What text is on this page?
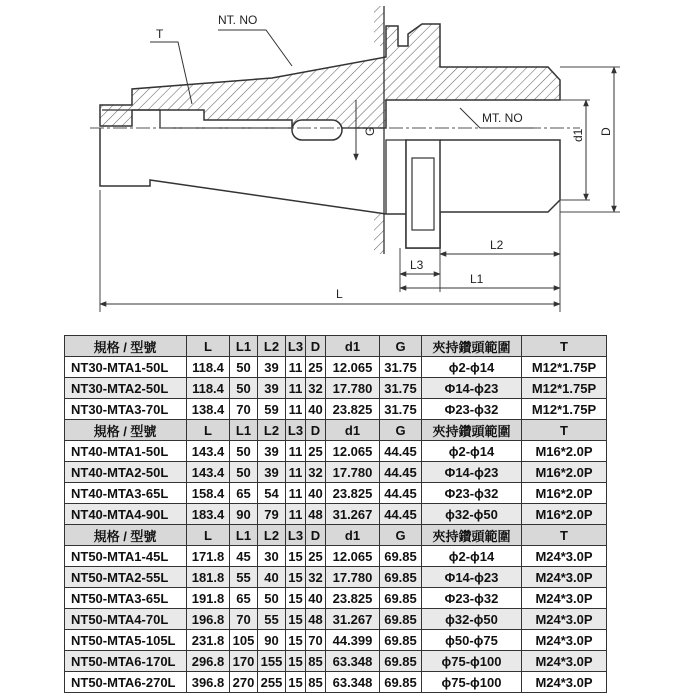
NT. NO
MT. NO
T
G	d1 D
L
L1
L2
L3
規格 / 型號	L	L1	L2	L3	D	d1	G	夾持鑽頭範圍	T
NT30-MTA1-50L	118.4	50	39	11	25	12.065	31.75	ϕ2-ϕ14	M12*1.75P
NT30-MTA2-50L	118.4	50	39	11	32	17.780	31.75	Φ14-ϕ23	M12*1.75P
NT30-MTA3-70L	138.4	70	59	11	40	23.825	31.75	Φ23-ϕ32	M12*1.75P
規格 / 型號	L	L1	L2	L3	D	d1	G	夾持鑽頭範圍	T
NT40-MTA1-50L	143.4	50	39	11	25	12.065	44.45	ϕ2-ϕ14	M16*2.0P
NT40-MTA2-50L	143.4	50	39	11	32	17.780	44.45	Φ14-ϕ23	M16*2.0P
NT40-MTA3-65L	158.4	65	54	11	40	23.825	44.45	Φ23-ϕ32	M16*2.0P
NT40-MTA4-90L	183.4	90	79	11	48	31.267	44.45	ϕ32-ϕ50	M16*2.0P
規格 / 型號	L	L1	L2	L3	D	d1	G	夾持鑽頭範圍	T
NT50-MTA1-45L	171.8	45	30	15	25	12.065	69.85	ϕ2-ϕ14	M24*3.0P
NT50-MTA2-55L	181.8	55	40	15	32	17.780	69.85	Φ14-ϕ23	M24*3.0P
NT50-MTA3-65L	191.8	65	50	15	40	23.825	69.85	Φ23-ϕ32	M24*3.0P
NT50-MTA4-70L	196.8	70	55	15	48	31.267	69.85	ϕ32-ϕ50	M24*3.0P
NT50-MTA5-105L	231.8	105	90	15	70	44.399	69.85	ϕ50-ϕ75	M24*3.0P
NT50-MTA6-170L	296.8	170	155	15	85	63.348	69.85	ϕ75-ϕ100	M24*3.0P
NT50-MTA6-270L	396.8	270	255	15	85	63.348	69.85	ϕ75-ϕ100	M24*3.0P
